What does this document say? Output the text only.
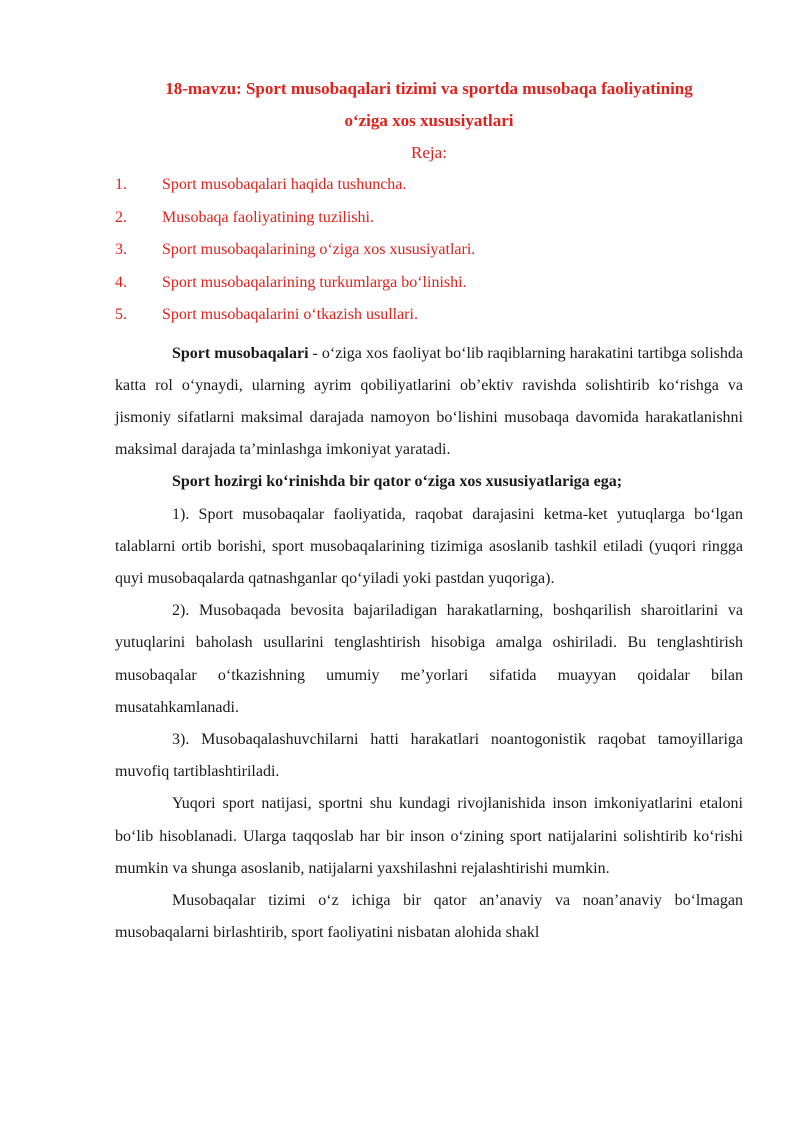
18-mavzu: Sport musobaqalari tizimi va sportda musobaqa faoliyatining
o‘ziga xos xususiyatlari

Reja:

1.	Sport musobaqalari haqida tushuncha.
2.	Musobaqa faoliyatining tuzilishi.
3.	Sport musobaqalarining o‘ziga xos xususiyatlari.
4.	Sport musobaqalarining turkumlarga bo‘linishi.
5.	Sport musobaqalarini o‘tkazish usullari.

Sport musobaqalari - o‘ziga xos faoliyat bo‘lib raqiblarning harakatini tartibga solishda katta rol o‘ynaydi, ularning ayrim qobiliyatlarini ob’ektiv ravishda solishtirib ko‘rishga va jismoniy sifatlarni maksimal darajada namoyon bo‘lishini musobaqa davomida harakatlanishni maksimal darajada ta’minlashga imkoniyat yaratadi.

Sport hozirgi ko‘rinishda bir qator o‘ziga xos xususiyatlariga ega;

1). Sport musobaqalar faoliyatida, raqobat darajasini ketma-ket yutuqlarga bo‘lgan talablarni ortib borishi, sport musobaqalarining tizimiga asoslanib tashkil etiladi (yuqori ringga quyi musobaqalarda qatnashganlar qo‘yiladi yoki pastdan yuqoriga).

2). Musobaqada bevosita bajariladigan harakatlarning, boshqarilish sharoitlarini va yutuqlarini baholash usullarini tenglashtirish hisobiga amalga oshiriladi. Bu tenglashtirish musobaqalar o‘tkazishning umumiy me’yorlari sifatida muayyan qoidalar bilan musatahkamlanadi.

3). Musobaqalashuvchilarni hatti harakatlari noantogonistik raqobat tamoyillariga muvofiq tartiblashtiriladi.

Yuqori sport natijasi, sportni shu kundagi rivojlanishida inson imkoniyatlarini etaloni bo‘lib hisoblanadi. Ularga taqqoslab har bir inson o‘zining sport natijalarini solishtirib ko‘rishi mumkin va shunga asoslanib, natijalarni yaxshilashni rejalashtirishi mumkin.

Musobaqalar tizimi o‘z ichiga bir qator an’anaviy va noan’anaviy bo‘lmagan musobaqalarni birlashtirib, sport faoliyatini nisbatan alohida shakl
